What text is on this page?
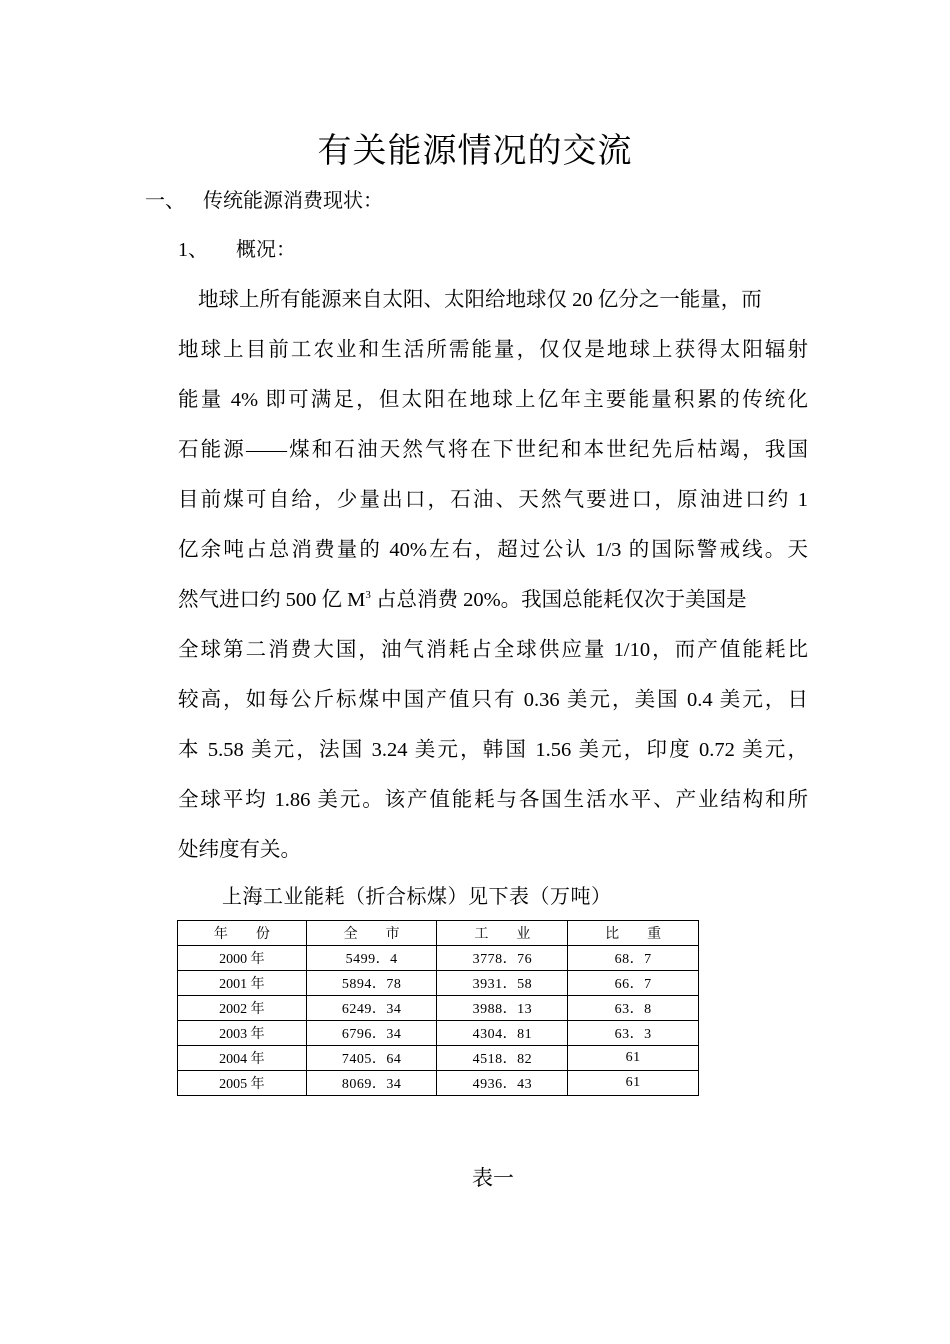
有关能源情况的交流
一、 传统能源消费现状：
1、 概况：
地球上所有能源来自太阳、太阳给地球仅 20 亿分之一能量，而
地球上目前工农业和生活所需能量，仅仅是地球上获得太阳辐射
能量 4% 即可满足，但太阳在地球上亿年主要能量积累的传统化
石能源——煤和石油天然气将在下世纪和本世纪先后枯竭，我国
目前煤可自给，少量出口，石油、天然气要进口，原油进口约 1
亿余吨占总消费量的 40%左右，超过公认 1/3 的国际警戒线。天
然气进口约 500 亿 $M^3$ 占总消费 20%。我国总能耗仅次于美国是
全球第二消费大国，油气消耗占全球供应量 1/10，而产值能耗比
较高，如每公斤标煤中国产值只有 0.36 美元，美国 0.4 美元，日
本 5.58 美元，法国 3.24 美元，韩国 1.56 美元，印度 0.72 美元，
全球平均 1.86 美元。该产值能耗与各国生活水平、产业结构和所
处纬度有关。
上海工业能耗（折合标煤）见下表（万吨）
年份	全市	工业	比重
2000 年	5499．4	3778．76	68．7
2001 年	5894．78	3931．58	66．7
2002 年	6249．34	3988．13	63．8
2003 年	6796．34	4304．81	63．3
2004 年	7405．64	4518．82	61
2005 年	8069．34	4936．43	61
表一
